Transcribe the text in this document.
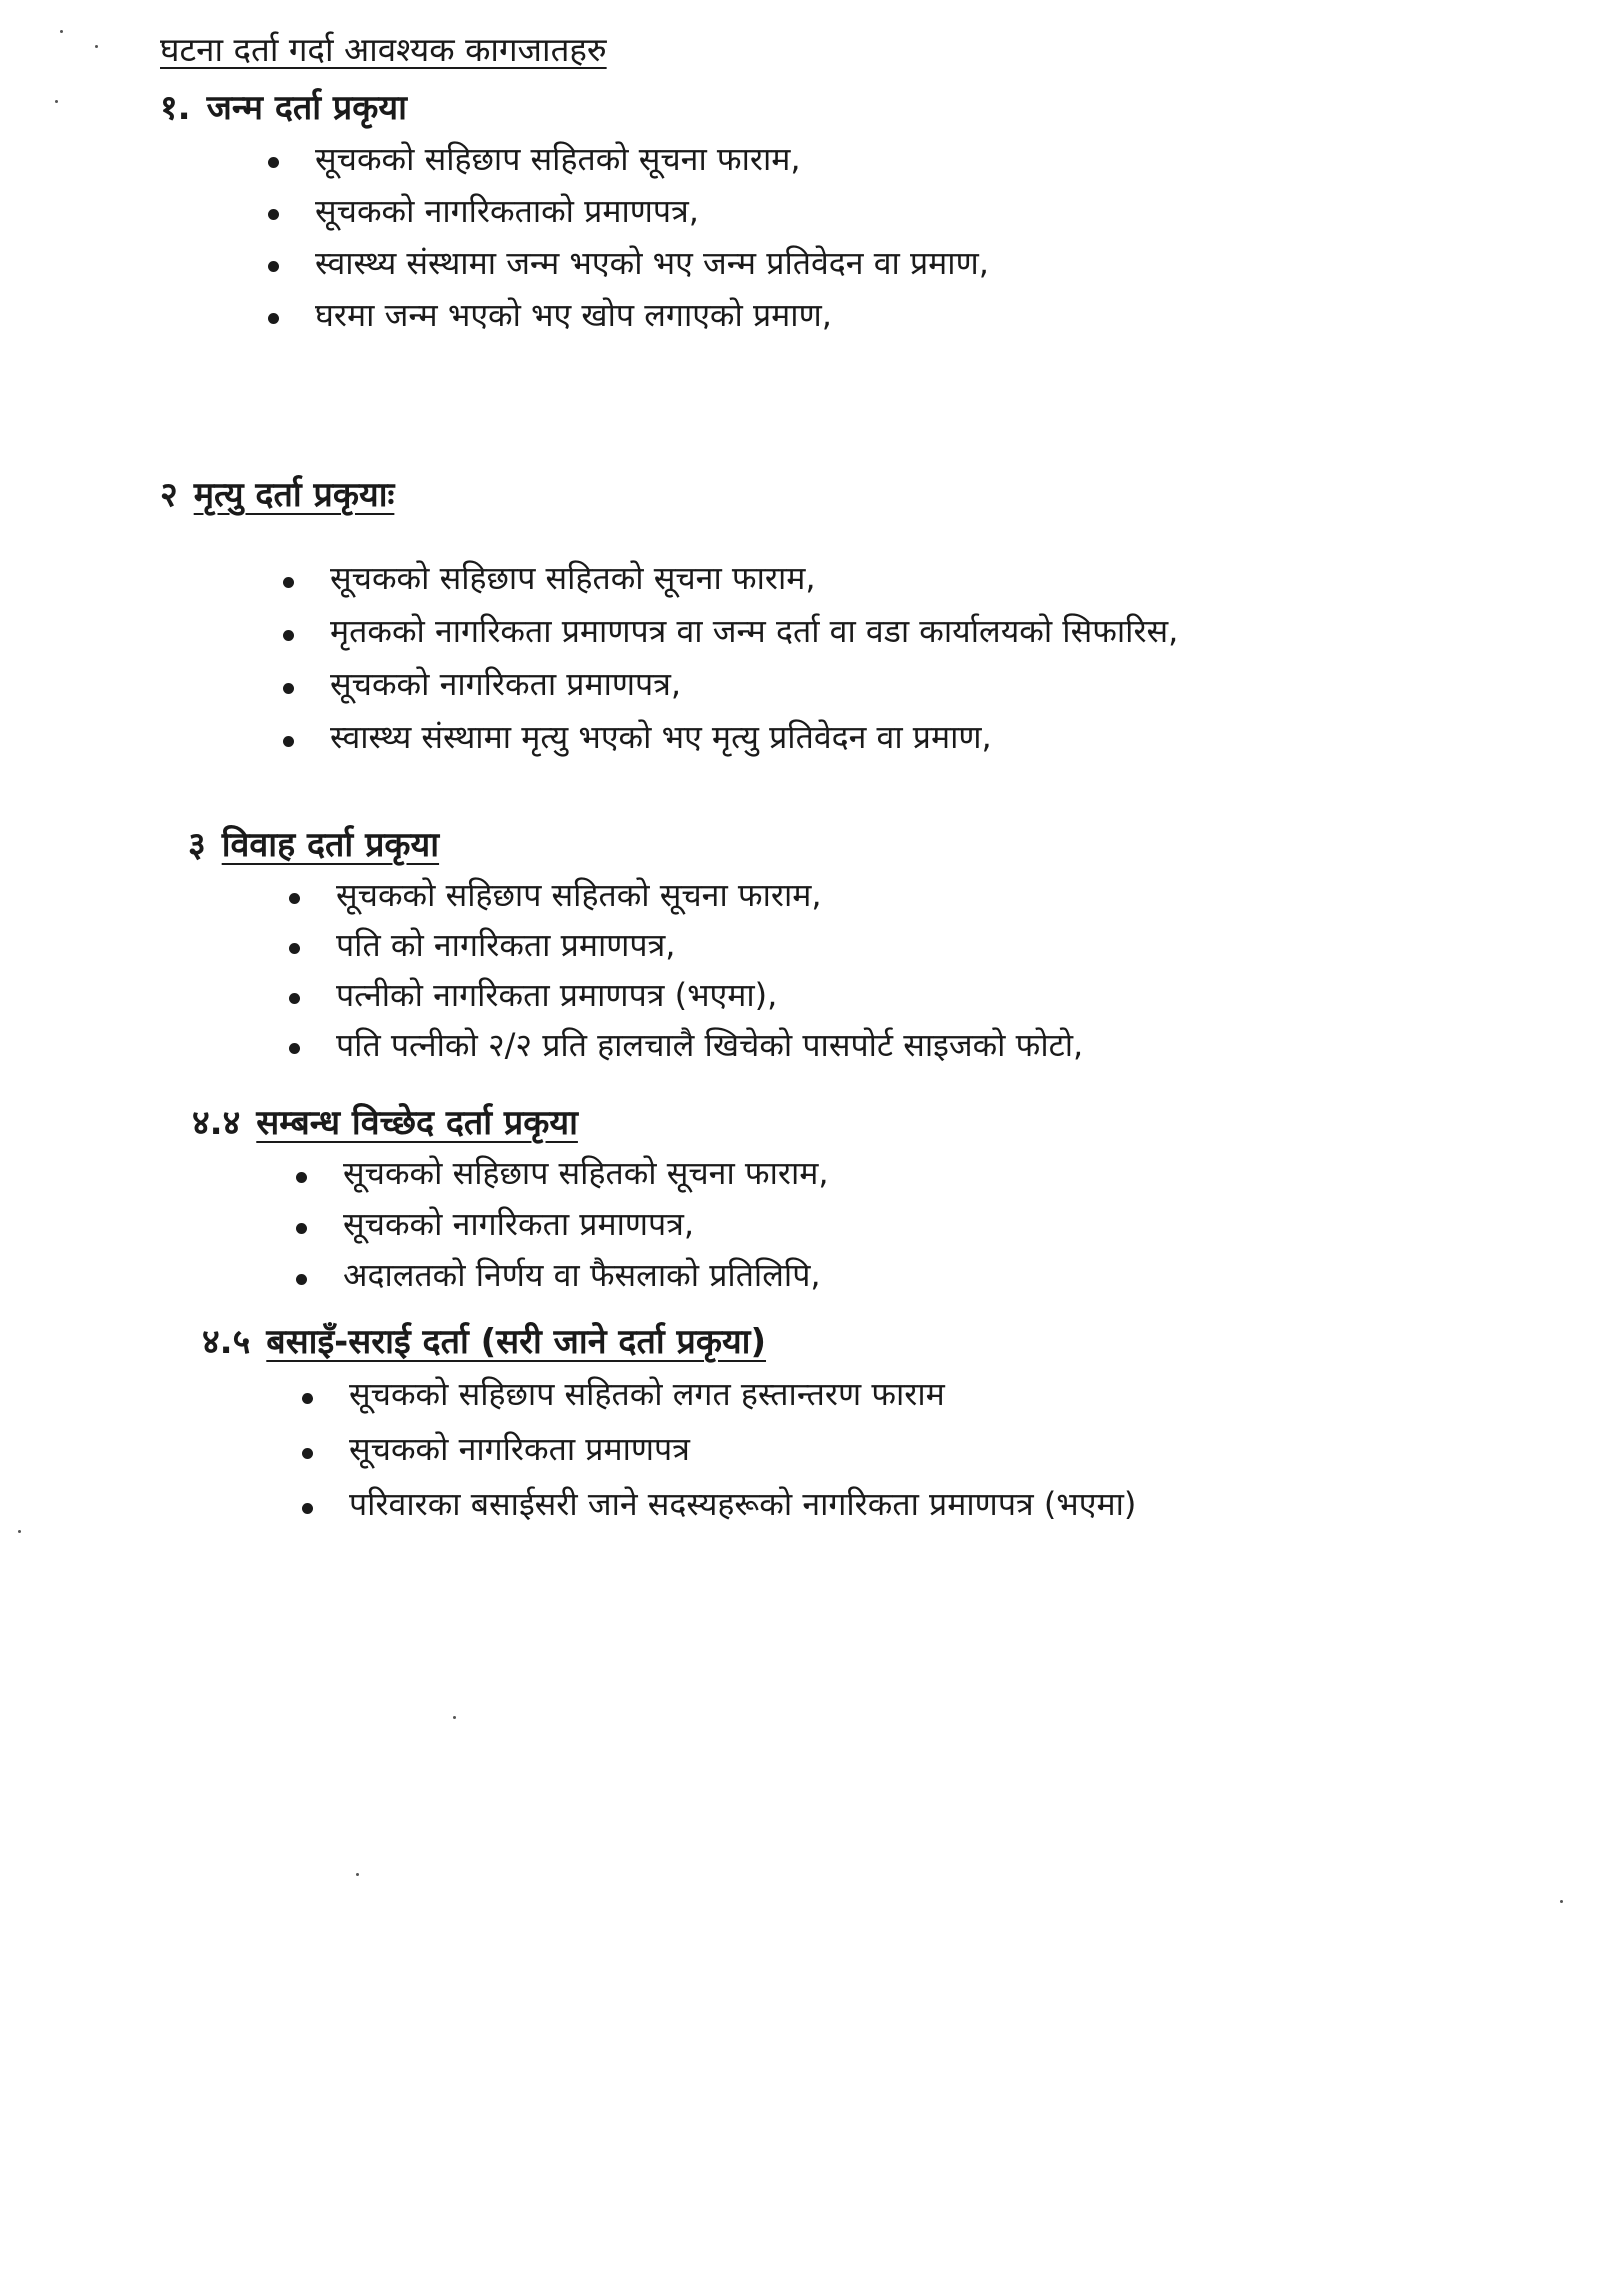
घटना दर्ता गर्दा आवश्यक कागजातहरु
१. जन्म दर्ता प्रकृया
सूचकको सहिछाप सहितको सूचना फाराम,
सूचकको नागरिकताको प्रमाणपत्र,
स्वास्थ्य संस्थामा जन्म भएको भए जन्म प्रतिवेदन वा प्रमाण,
घरमा जन्म भएको भए खोप लगाएको प्रमाण,
२ मृत्यु दर्ता प्रकृयाः
सूचकको सहिछाप सहितको सूचना फाराम,
मृतकको नागरिकता प्रमाणपत्र वा जन्म दर्ता वा वडा कार्यालयको सिफारिस,
सूचकको नागरिकता प्रमाणपत्र,
स्वास्थ्य संस्थामा मृत्यु भएको भए मृत्यु प्रतिवेदन वा प्रमाण,
३ विवाह दर्ता प्रकृया
सूचकको सहिछाप सहितको सूचना फाराम,
पति को नागरिकता प्रमाणपत्र,
पत्नीको नागरिकता प्रमाणपत्र (भएमा),
पति पत्नीको २/२ प्रति हालचालै खिचेको पासपोर्ट साइजको फोटो,
४.४ सम्बन्ध विच्छेद दर्ता प्रकृया
सूचकको सहिछाप सहितको सूचना फाराम,
सूचकको नागरिकता प्रमाणपत्र,
अदालतको निर्णय वा फैसलाको प्रतिलिपि,
४.५ बसाइँ-सराई दर्ता (सरी जाने दर्ता प्रकृया)
सूचकको सहिछाप सहितको लगत हस्तान्तरण फाराम
सूचकको नागरिकता प्रमाणपत्र
परिवारका बसाईसरी जाने सदस्यहरूको नागरिकता प्रमाणपत्र (भएमा)
